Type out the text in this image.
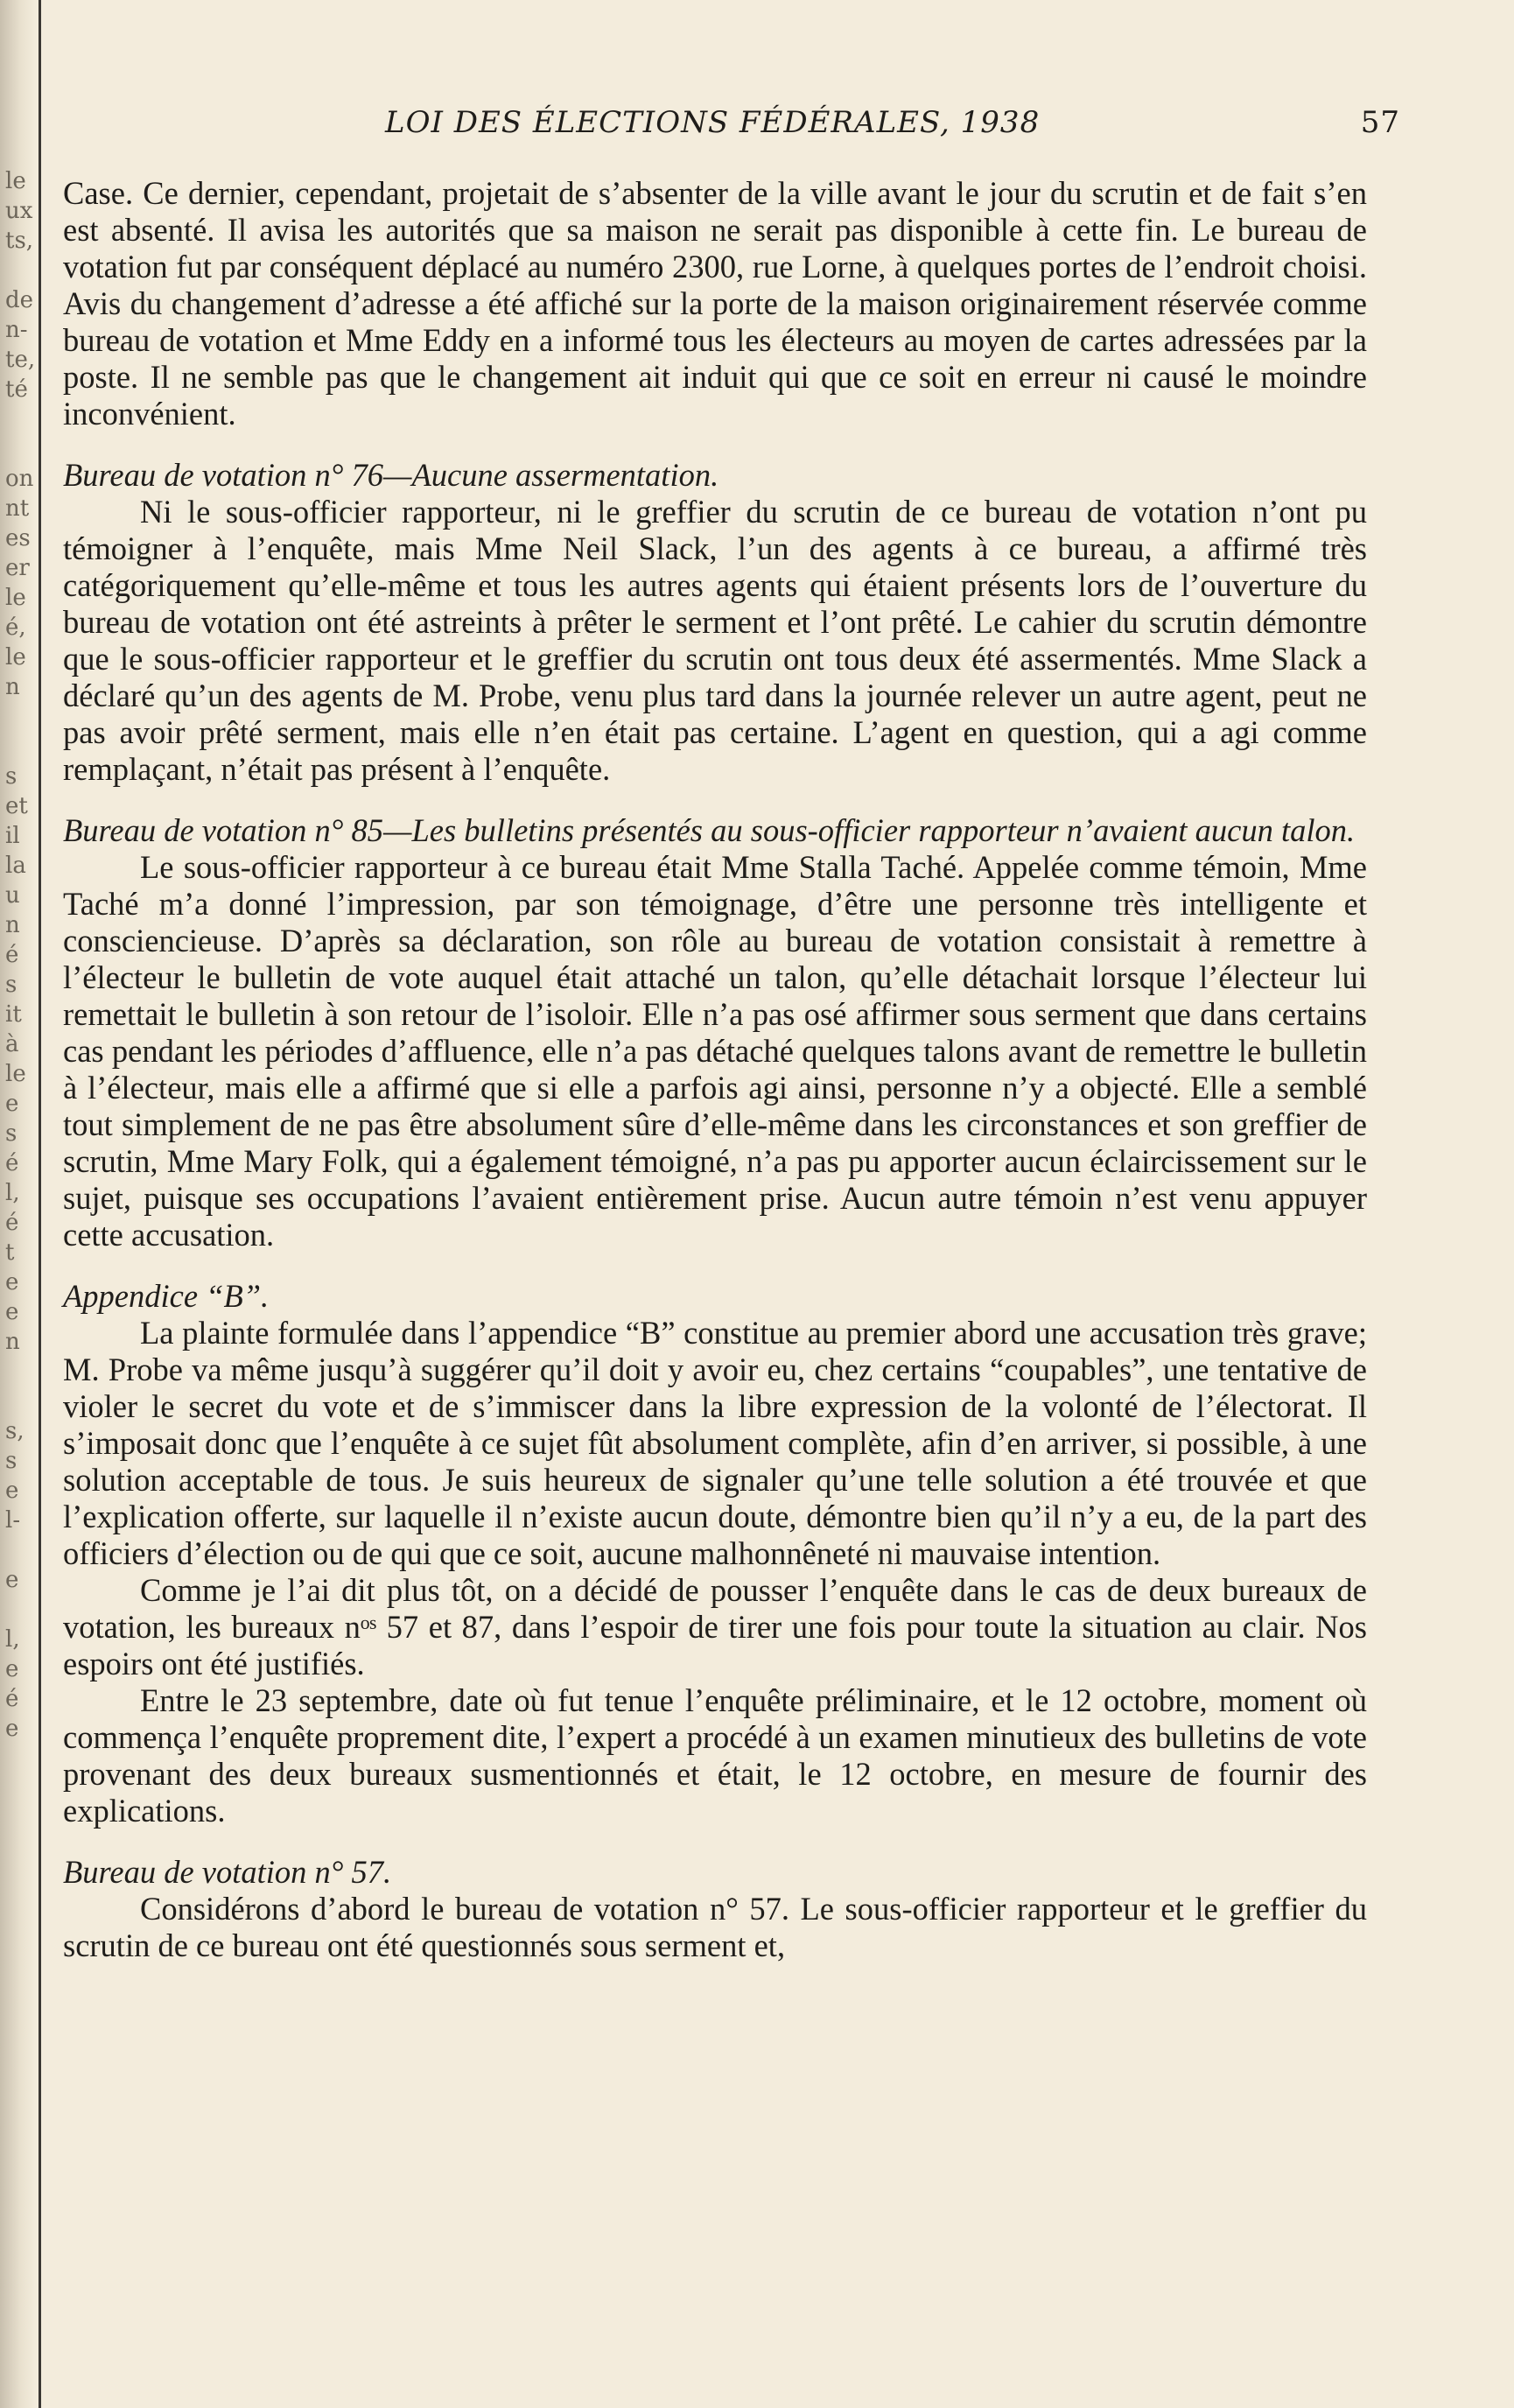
le
ux
ts,

de
n-
te,
té

on
nt
es
er
le
é,
le
n

s
et
il
la
u
n
é
s
it
à
le
e
s
é
l,
é
t
e
e
n

s,
s
e
l-

e

l,
e
é
e
LOI DES ÉLECTIONS FÉDÉRALES, 1938	57

Case. Ce dernier, cependant, projetait de s’absenter de la ville avant le jour du scrutin et de fait s’en est absenté. Il avisa les autorités que sa maison ne serait pas disponible à cette fin. Le bureau de votation fut par conséquent déplacé au numéro 2300, rue Lorne, à quelques portes de l’endroit choisi. Avis du changement d’adresse a été affiché sur la porte de la maison originairement réservée comme bureau de votation et Mme Eddy en a informé tous les électeurs au moyen de cartes adressées par la poste. Il ne semble pas que le changement ait induit qui que ce soit en erreur ni causé le moindre inconvénient.

Bureau de votation n° 76—Aucune assermentation.

Ni le sous-officier rapporteur, ni le greffier du scrutin de ce bureau de votation n’ont pu témoigner à l’enquête, mais Mme Neil Slack, l’un des agents à ce bureau, a affirmé très catégoriquement qu’elle-même et tous les autres agents qui étaient présents lors de l’ouverture du bureau de votation ont été astreints à prêter le serment et l’ont prêté. Le cahier du scrutin démontre que le sous-officier rapporteur et le greffier du scrutin ont tous deux été assermentés. Mme Slack a déclaré qu’un des agents de M. Probe, venu plus tard dans la journée relever un autre agent, peut ne pas avoir prêté serment, mais elle n’en était pas certaine. L’agent en question, qui a agi comme remplaçant, n’était pas présent à l’enquête.

Bureau de votation n° 85—Les bulletins présentés au sous-officier rapporteur n’avaient aucun talon.

Le sous-officier rapporteur à ce bureau était Mme Stalla Taché. Appelée comme témoin, Mme Taché m’a donné l’impression, par son témoignage, d’être une personne très intelligente et consciencieuse. D’après sa déclaration, son rôle au bureau de votation consistait à remettre à l’électeur le bulletin de vote auquel était attaché un talon, qu’elle détachait lorsque l’électeur lui remettait le bulletin à son retour de l’isoloir. Elle n’a pas osé affirmer sous serment que dans certains cas pendant les périodes d’affluence, elle n’a pas détaché quelques talons avant de remettre le bulletin à l’électeur, mais elle a affirmé que si elle a parfois agi ainsi, personne n’y a objecté. Elle a semblé tout simplement de ne pas être absolument sûre d’elle-même dans les circonstances et son greffier de scrutin, Mme Mary Folk, qui a également témoigné, n’a pas pu apporter aucun éclaircissement sur le sujet, puisque ses occupations l’avaient entièrement prise. Aucun autre témoin n’est venu appuyer cette accusation.

Appendice “B”.

La plainte formulée dans l’appendice “B” constitue au premier abord une accusation très grave; M. Probe va même jusqu’à suggérer qu’il doit y avoir eu, chez certains “coupables”, une tentative de violer le secret du vote et de s’immiscer dans la libre expression de la volonté de l’électorat. Il s’imposait donc que l’enquête à ce sujet fût absolument complète, afin d’en arriver, si possible, à une solution acceptable de tous. Je suis heureux de signaler qu’une telle solution a été trouvée et que l’explication offerte, sur laquelle il n’existe aucun doute, démontre bien qu’il n’y a eu, de la part des officiers d’élection ou de qui que ce soit, aucune malhonnêneté ni mauvaise intention.

Comme je l’ai dit plus tôt, on a décidé de pousser l’enquête dans le cas de deux bureaux de votation, les bureaux nᵒˢ 57 et 87, dans l’espoir de tirer une fois pour toute la situation au clair. Nos espoirs ont été justifiés.

Entre le 23 septembre, date où fut tenue l’enquête préliminaire, et le 12 octobre, moment où commença l’enquête proprement dite, l’expert a procédé à un examen minutieux des bulletins de vote provenant des deux bureaux susmentionnés et était, le 12 octobre, en mesure de fournir des explications.

Bureau de votation n° 57.

Considérons d’abord le bureau de votation n° 57. Le sous-officier rapporteur et le greffier du scrutin de ce bureau ont été questionnés sous serment et,
